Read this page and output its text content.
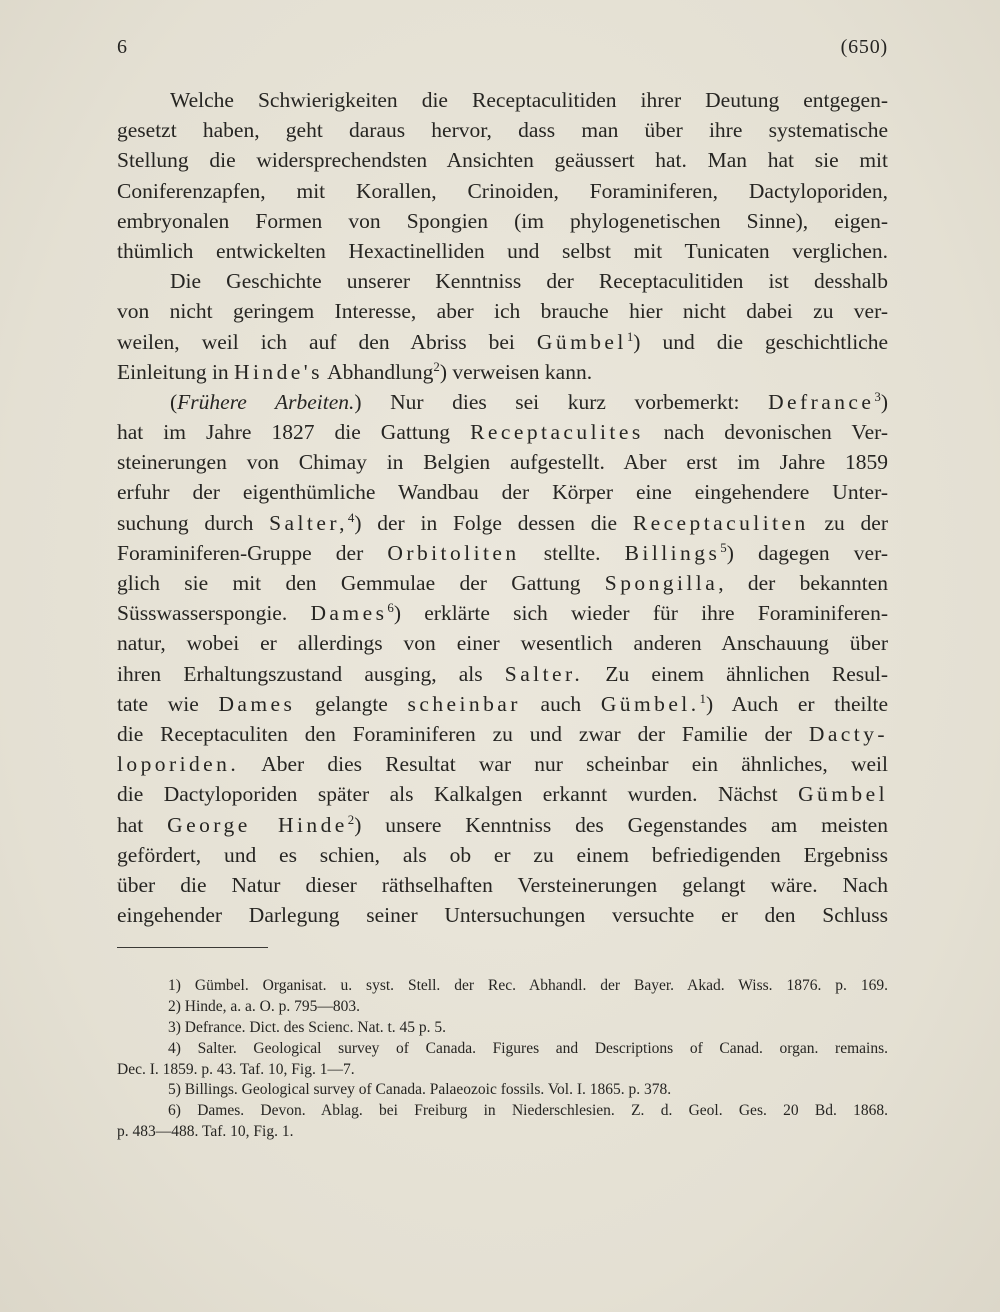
6	(650)
Welche Schwierigkeiten die Receptaculitiden ihrer Deutung entgegen-
gesetzt haben, geht daraus hervor, dass man über ihre systematische
Stellung die widersprechendsten Ansichten geäussert hat. Man hat sie mit
Coniferenzapfen, mit Korallen, Crinoiden, Foraminiferen, Dactyloporiden,
embryonalen Formen von Spongien (im phylogenetischen Sinne), eigen-
thümlich entwickelten Hexactinelliden und selbst mit Tunicaten verglichen.
Die Geschichte unserer Kenntniss der Receptaculitiden ist desshalb
von nicht geringem Interesse, aber ich brauche hier nicht dabei zu ver-
weilen, weil ich auf den Abriss bei Gümbel$^1$) und die geschichtliche
Einleitung in Hinde's Abhandlung$^2$) verweisen kann.
(Frühere Arbeiten.) Nur dies sei kurz vorbemerkt: Defrance$^3$)
hat im Jahre 1827 die Gattung Receptaculites nach devonischen Ver-
steinerungen von Chimay in Belgien aufgestellt. Aber erst im Jahre 1859
erfuhr der eigenthümliche Wandbau der Körper eine eingehendere Unter-
suchung durch Salter,$^4$) der in Folge dessen die Receptaculiten zu der
Foraminiferen-Gruppe der Orbitoliten stellte. Billings$^5$) dagegen ver-
glich sie mit den Gemmulae der Gattung Spongilla, der bekannten
Süsswasserspongie. Dames$^6$) erklärte sich wieder für ihre Foraminiferen-
natur, wobei er allerdings von einer wesentlich anderen Anschauung über
ihren Erhaltungszustand ausging, als Salter. Zu einem ähnlichen Resul-
tate wie Dames gelangte scheinbar auch Gümbel.$^1$) Auch er theilte
die Receptaculiten den Foraminiferen zu und zwar der Familie der Dacty-
loporiden. Aber dies Resultat war nur scheinbar ein ähnliches, weil
die Dactyloporiden später als Kalkalgen erkannt wurden. Nächst Gümbel
hat George Hinde$^2$) unsere Kenntniss des Gegenstandes am meisten
gefördert, und es schien, als ob er zu einem befriedigenden Ergebniss
über die Natur dieser räthselhaften Versteinerungen gelangt wäre. Nach
eingehender Darlegung seiner Untersuchungen versuchte er den Schluss
1) Gümbel. Organisat. u. syst. Stell. der Rec. Abhandl. der Bayer. Akad. Wiss. 1876. p. 169.
2) Hinde, a. a. O. p. 795—803.
3) Defrance. Dict. des Scienc. Nat. t. 45 p. 5.
4) Salter. Geological survey of Canada. Figures and Descriptions of Canad. organ. remains.
Dec. I. 1859. p. 43. Taf. 10, Fig. 1—7.
5) Billings. Geological survey of Canada. Palaeozoic fossils. Vol. I. 1865. p. 378.
6) Dames. Devon. Ablag. bei Freiburg in Niederschlesien. Z. d. Geol. Ges. 20 Bd. 1868.
p. 483—488. Taf. 10, Fig. 1.
